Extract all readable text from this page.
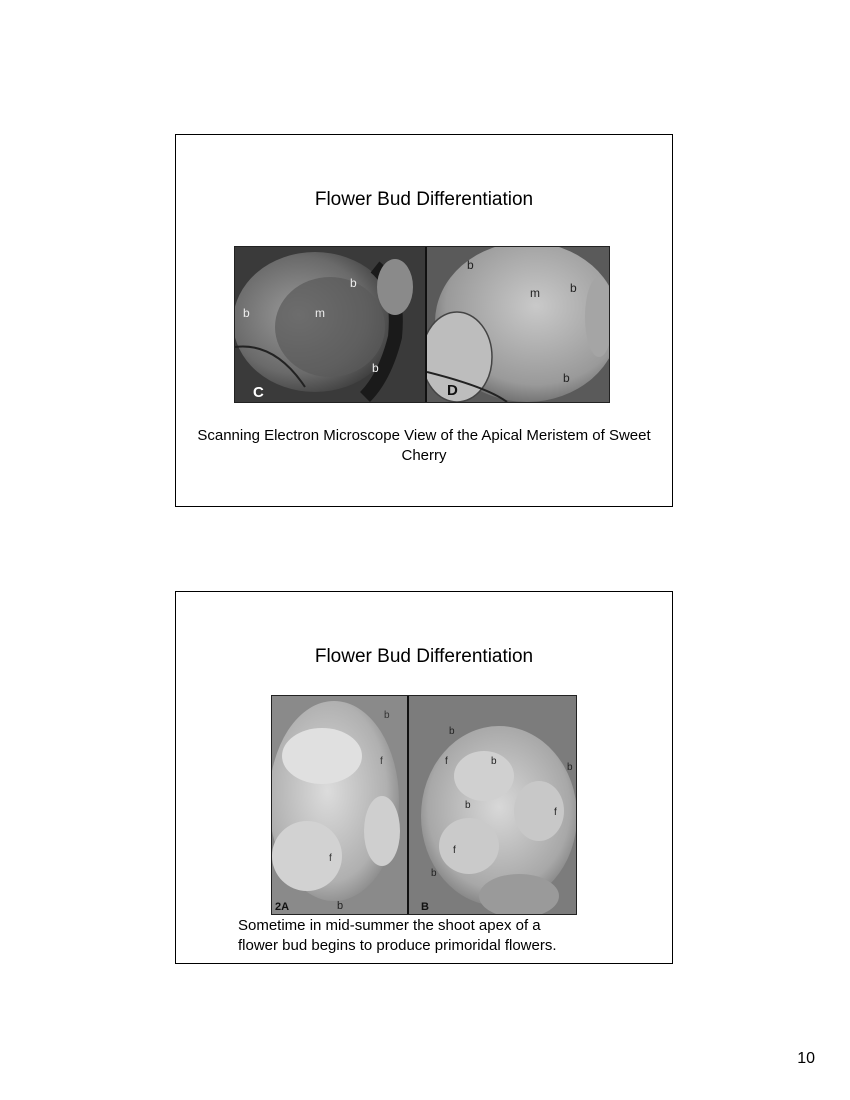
Flower Bud Differentiation
b
b	m
b
C
b
m	b
b
D
Scanning Electron Microscope View of the Apical Meristem of Sweet Cherry
Flower Bud Differentiation
b
f
f
b
2A
b
f	b
b
b
f
f
b
B
Sometime in mid-summer the shoot apex of a
flower bud begins to produce primoridal flowers.
10
